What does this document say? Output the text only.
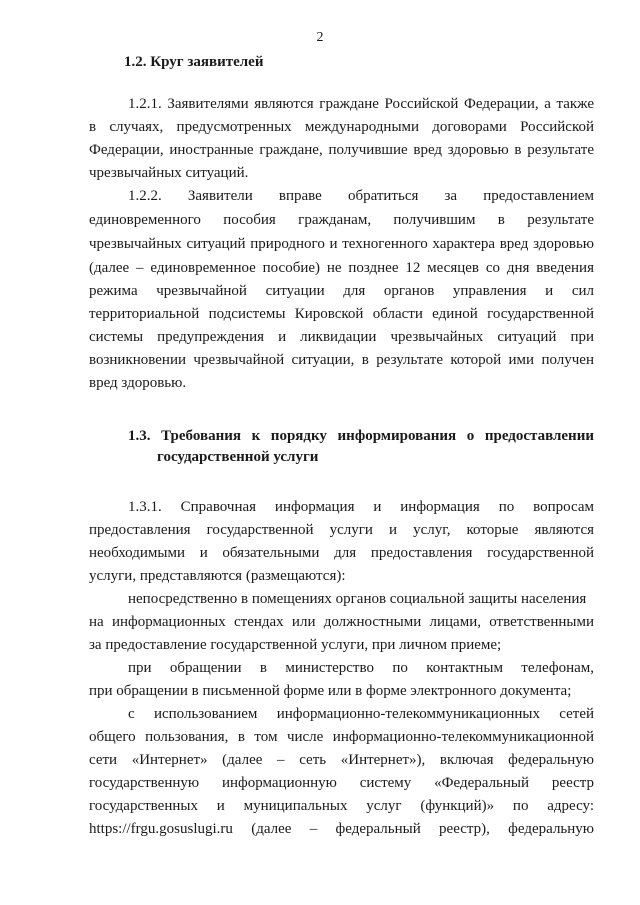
2
1.2. Круг заявителей
1.2.1. Заявителями являются граждане Российской Федерации, а также
в случаях, предусмотренных международными договорами Российской
Федерации, иностранные граждане, получившие вред здоровью в результате
чрезвычайных ситуаций.
1.2.2. Заявители вправе обратиться за предоставлением
единовременного пособия гражданам, получившим в результате
чрезвычайных ситуаций природного и техногенного характера вред здоровью
(далее – единовременное пособие) не позднее 12 месяцев со дня введения
режима чрезвычайной ситуации для органов управления и сил
территориальной подсистемы Кировской области единой государственной
системы предупреждения и ликвидации чрезвычайных ситуаций при
возникновении чрезвычайной ситуации, в результате которой ими получен
вред здоровью.
1.3. Требования к порядку информирования о предоставлении
государственной услуги
1.3.1. Справочная информация и информация по вопросам
предоставления государственной услуги и услуг, которые являются
необходимыми и обязательными для предоставления государственной
услуги, представляются (размещаются):
непосредственно в помещениях органов социальной защиты населения
на информационных стендах или должностными лицами, ответственными
за предоставление государственной услуги, при личном приеме;
при обращении в министерство по контактным телефонам,
при обращении в письменной форме или в форме электронного документа;
с использованием информационно-телекоммуникационных сетей
общего пользования, в том числе информационно-телекоммуникационной
сети «Интернет» (далее – сеть «Интернет»), включая федеральную
государственную информационную систему «Федеральный реестр
государственных и муниципальных услуг (функций)» по адресу:
https://frgu.gosuslugi.ru (далее – федеральный реестр), федеральную
